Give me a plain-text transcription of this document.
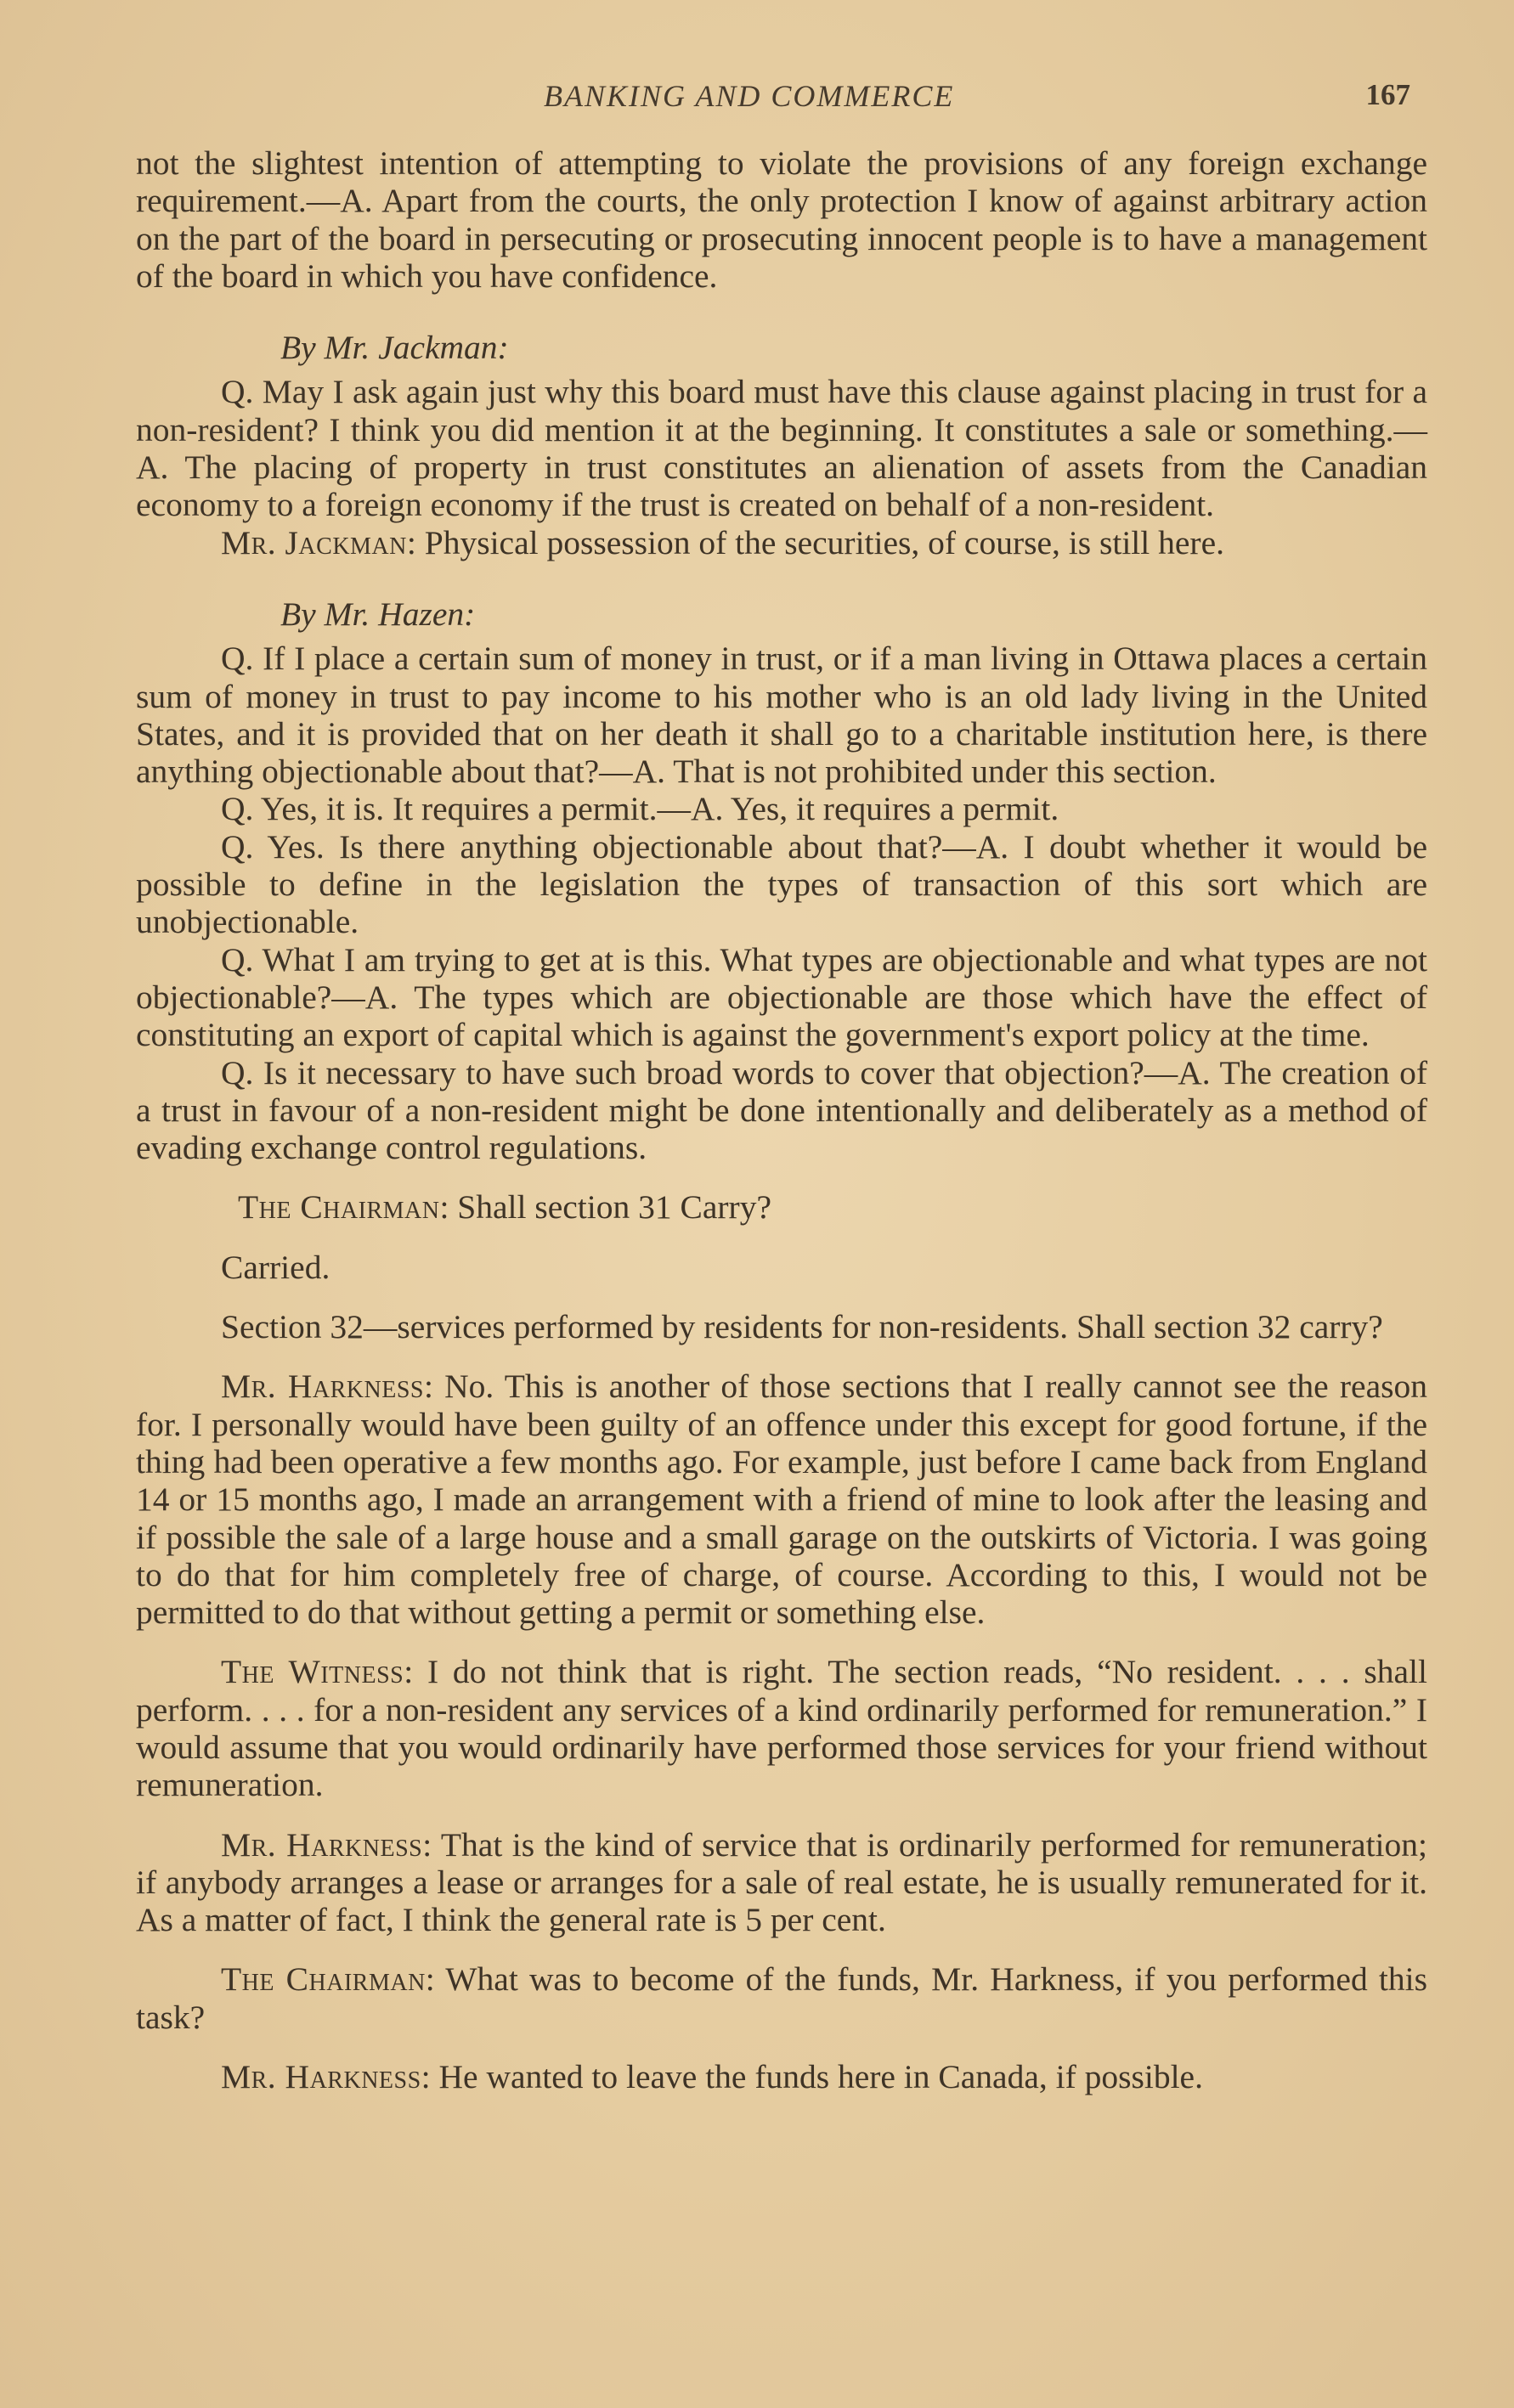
BANKING AND COMMERCE	167

not the slightest intention of attempting to violate the provisions of any foreign exchange requirement.—A. Apart from the courts, the only protection I know of against arbitrary action on the part of the board in persecuting or prosecuting innocent people is to have a management of the board in which you have confidence.

By Mr. Jackman:

Q. May I ask again just why this board must have this clause against placing in trust for a non-resident? I think you did mention it at the beginning. It constitutes a sale or something.—A. The placing of property in trust constitutes an alienation of assets from the Canadian economy to a foreign economy if the trust is created on behalf of a non-resident.

Mr. Jackman: Physical possession of the securities, of course, is still here.

By Mr. Hazen:

Q. If I place a certain sum of money in trust, or if a man living in Ottawa places a certain sum of money in trust to pay income to his mother who is an old lady living in the United States, and it is provided that on her death it shall go to a charitable institution here, is there anything objectionable about that?—A. That is not prohibited under this section.

Q. Yes, it is. It requires a permit.—A. Yes, it requires a permit.

Q. Yes. Is there anything objectionable about that?—A. I doubt whether it would be possible to define in the legislation the types of transaction of this sort which are unobjectionable.

Q. What I am trying to get at is this. What types are objectionable and what types are not objectionable?—A. The types which are objectionable are those which have the effect of constituting an export of capital which is against the government's export policy at the time.

Q. Is it necessary to have such broad words to cover that objection?—A. The creation of a trust in favour of a non-resident might be done intentionally and deliberately as a method of evading exchange control regulations.

The Chairman: Shall section 31 Carry?

Carried.

Section 32—services performed by residents for non-residents. Shall section 32 carry?

Mr. Harkness: No. This is another of those sections that I really cannot see the reason for. I personally would have been guilty of an offence under this except for good fortune, if the thing had been operative a few months ago. For example, just before I came back from England 14 or 15 months ago, I made an arrangement with a friend of mine to look after the leasing and if possible the sale of a large house and a small garage on the outskirts of Victoria. I was going to do that for him completely free of charge, of course. According to this, I would not be permitted to do that without getting a permit or something else.

The Witness: I do not think that is right. The section reads, “No resident. . . . shall perform. . . . for a non-resident any services of a kind ordinarily performed for remuneration.” I would assume that you would ordinarily have performed those services for your friend without remuneration.

Mr. Harkness: That is the kind of service that is ordinarily performed for remuneration; if anybody arranges a lease or arranges for a sale of real estate, he is usually remunerated for it. As a matter of fact, I think the general rate is 5 per cent.

The Chairman: What was to become of the funds, Mr. Harkness, if you performed this task?

Mr. Harkness: He wanted to leave the funds here in Canada, if possible.
